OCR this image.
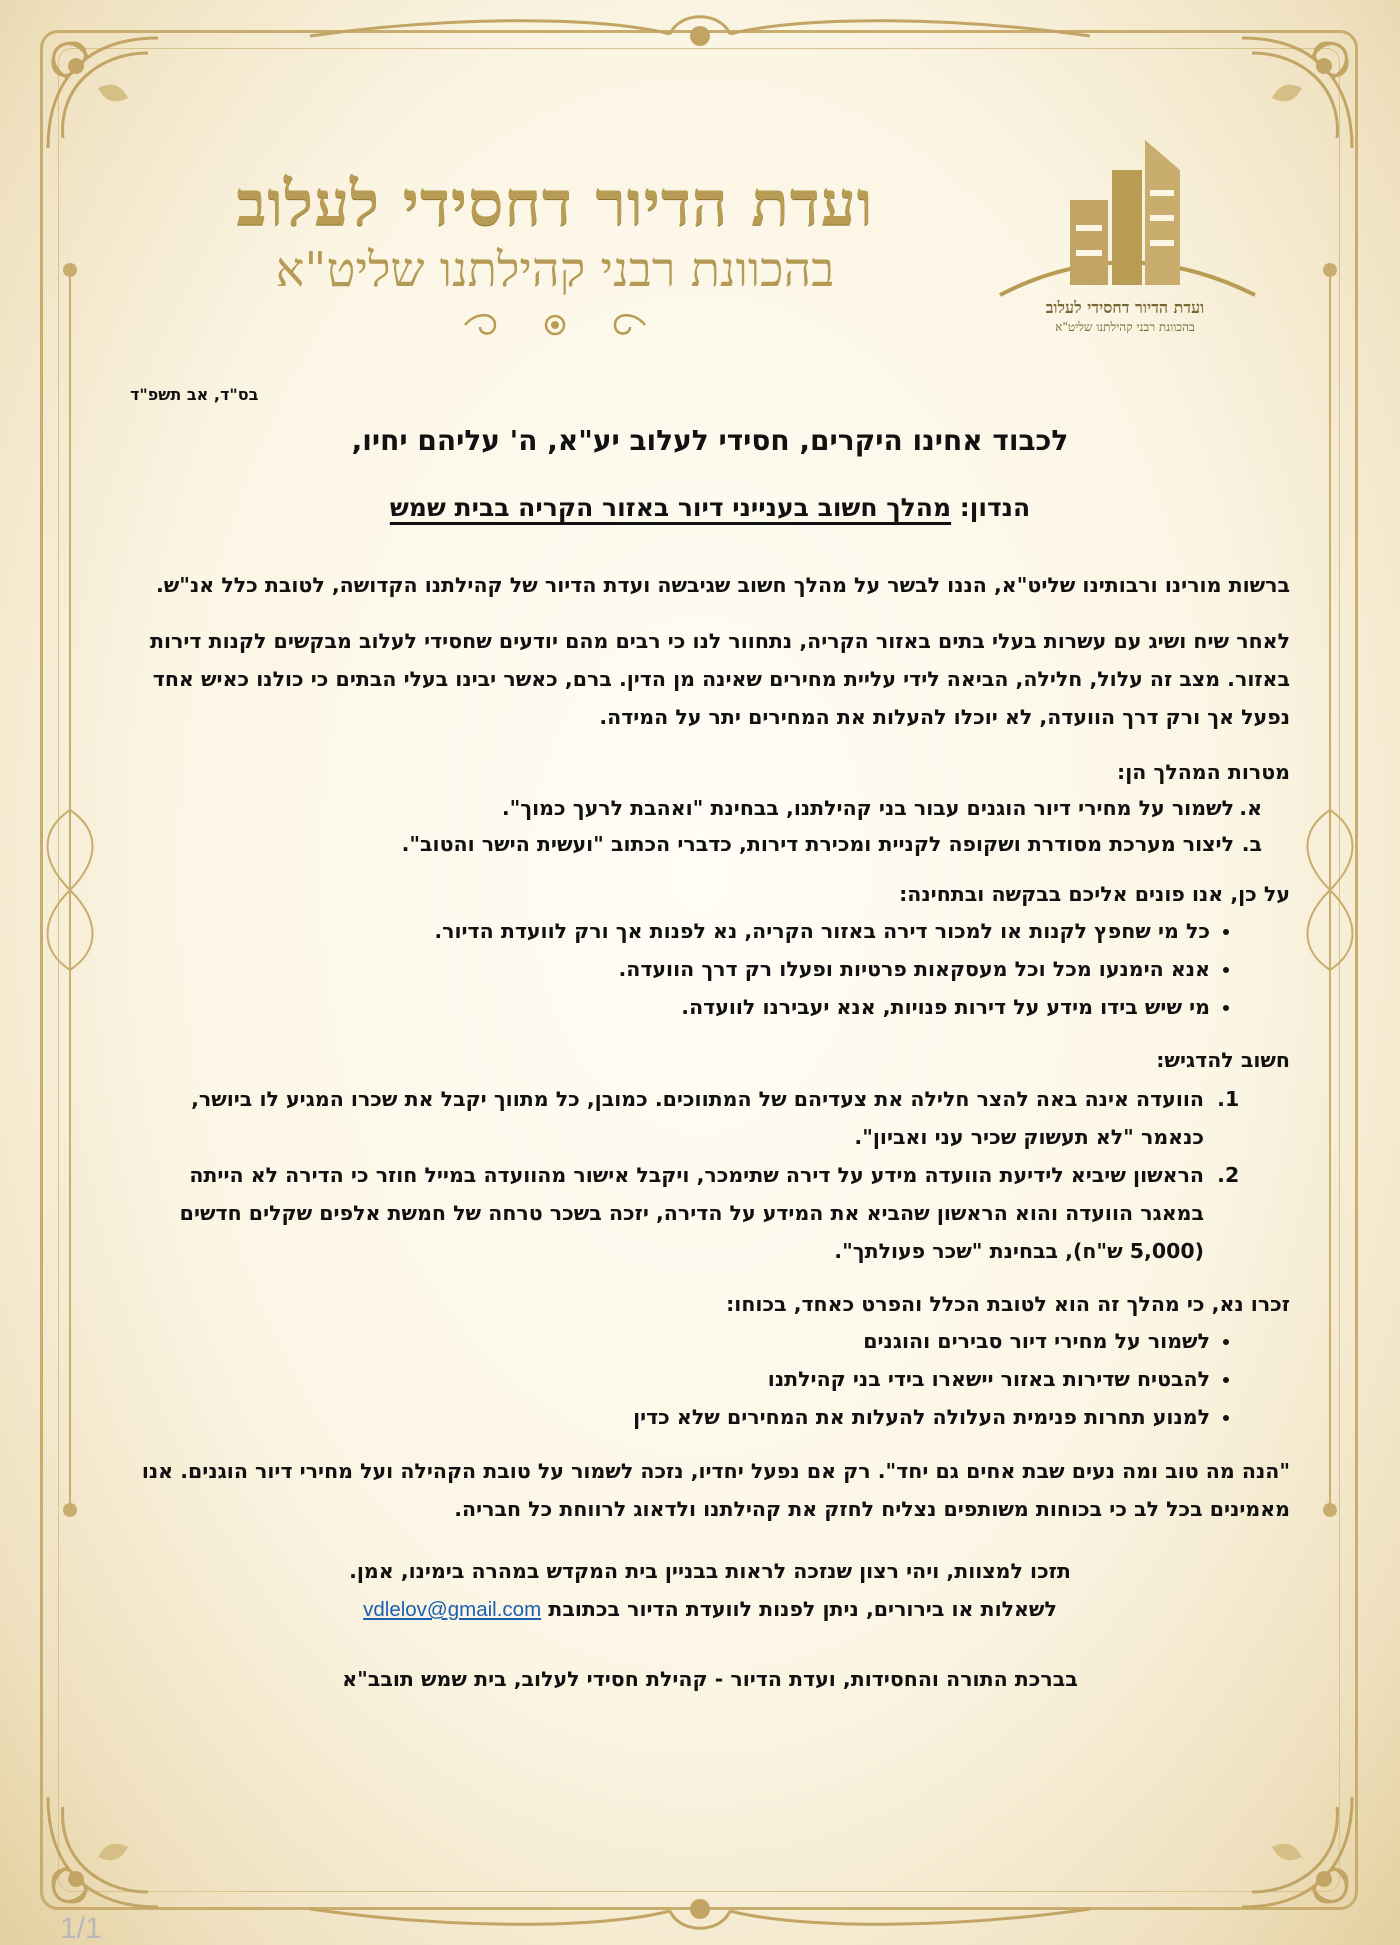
ועדת הדיור דחסידי לעלוב
בהכוונת רבני קהילתנו שליט"א
ועדת הדיור דחסידי לעלוב
בהכוונת רבני קהילתנו שליט"א
בס"ד, אב תשפ"ד
לכבוד אחינו היקרים, חסידי לעלוב יע"א, ה' עליהם יחיו,
הנדון: מהלך חשוב בענייני דיור באזור הקריה בבית שמש

ברשות מורינו ורבותינו שליט"א, הננו לבשר על מהלך חשוב שגיבשה ועדת הדיור של קהילתנו הקדושה, לטובת כלל אנ"ש.

לאחר שיח ושיג עם עשרות בעלי בתים באזור הקריה, נתחוור לנו כי רבים מהם יודעים שחסידי לעלוב מבקשים לקנות דירות באזור. מצב זה עלול, חלילה, הביאה לידי עליית מחירים שאינה מן הדין. ברם, כאשר יבינו בעלי הבתים כי כולנו כאיש אחד נפעל אך ורק דרך הוועדה, לא יוכלו להעלות את המחירים יתר על המידה.

מטרות המהלך הן:
א.לשמור על מחירי דיור הוגנים עבור בני קהילתנו, בבחינת "ואהבת לרעך כמוך".
ב.ליצור מערכת מסודרת ושקופה לקניית ומכירת דירות, כדברי הכתוב "ועשית הישר והטוב".
על כן, אנו פונים אליכם בבקשה ובתחינה:
• כל מי שחפץ לקנות או למכור דירה באזור הקריה, נא לפנות אך ורק לוועדת הדיור.
• אנא הימנעו מכל וכל מעסקאות פרטיות ופעלו רק דרך הוועדה.
• מי שיש בידו מידע על דירות פנויות, אנא יעבירנו לוועדה.
חשוב להדגיש:
1. הוועדה אינה באה להצר חלילה את צעדיהם של המתווכים. כמובן, כל מתווך יקבל את שכרו המגיע לו ביושר, כנאמר "לא תעשוק שכיר עני ואביון".
2. הראשון שיביא לידיעת הוועדה מידע על דירה שתימכר, ויקבל אישור מהוועדה במייל חוזר כי הדירה לא הייתה במאגר הוועדה והוא הראשון שהביא את המידע על הדירה, יזכה בשכר טרחה של חמשת אלפים שקלים חדשים (5,000 ש"ח), בבחינת "שכר פעולתך".
זכרו נא, כי מהלך זה הוא לטובת הכלל והפרט כאחד, בכוחו:
• לשמור על מחירי דיור סבירים והוגנים
• להבטיח שדירות באזור יישארו בידי בני קהילתנו
• למנוע תחרות פנימית העלולה להעלות את המחירים שלא כדין

"הנה מה טוב ומה נעים שבת אחים גם יחד". רק אם נפעל יחדיו, נזכה לשמור על טובת הקהילה ועל מחירי דיור הוגנים. אנו מאמינים בכל לב כי בכוחות משותפים נצליח לחזק את קהילתנו ולדאוג לרווחת כל חבריה.

תזכו למצוות, ויהי רצון שנזכה לראות בבניין בית המקדש במהרה בימינו, אמן.

לשאלות או בירורים, ניתן לפנות לוועדת הדיור בכתובת vdlelov@gmail.com

בברכת התורה והחסידות, ועדת הדיור - קהילת חסידי לעלוב, בית שמש תובב"א
1/1
